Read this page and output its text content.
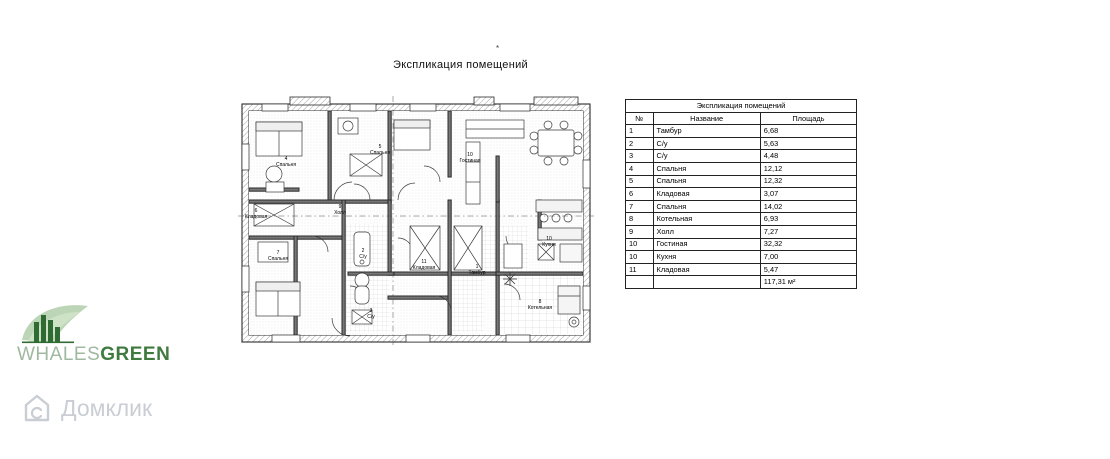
Экспликация помещений
*
4
Спальня
5
Спальня	10
Гостиная
6
Кладовая
9
Холл
7
Спальня
2
С/у
11
Кладовая	1
Тамбур
10
Кухня
3
С/у
8
Котельная
Экспликация помещений		
№	Название	Площадь
1	Тамбур	6,68
2	С/у	5,63
3	С/у	4,48
4	Спальня	12,12
5	Спальня	12,32
6	Кладовая	3,07
7	Спальня	14,02
8	Котельная	6,93
9	Холл	7,27
10	Гостиная	32,32
10	Кухня	7,00
11	Кладовая	5,47
		117,31 м²
WHALESGREEN
Домклик
